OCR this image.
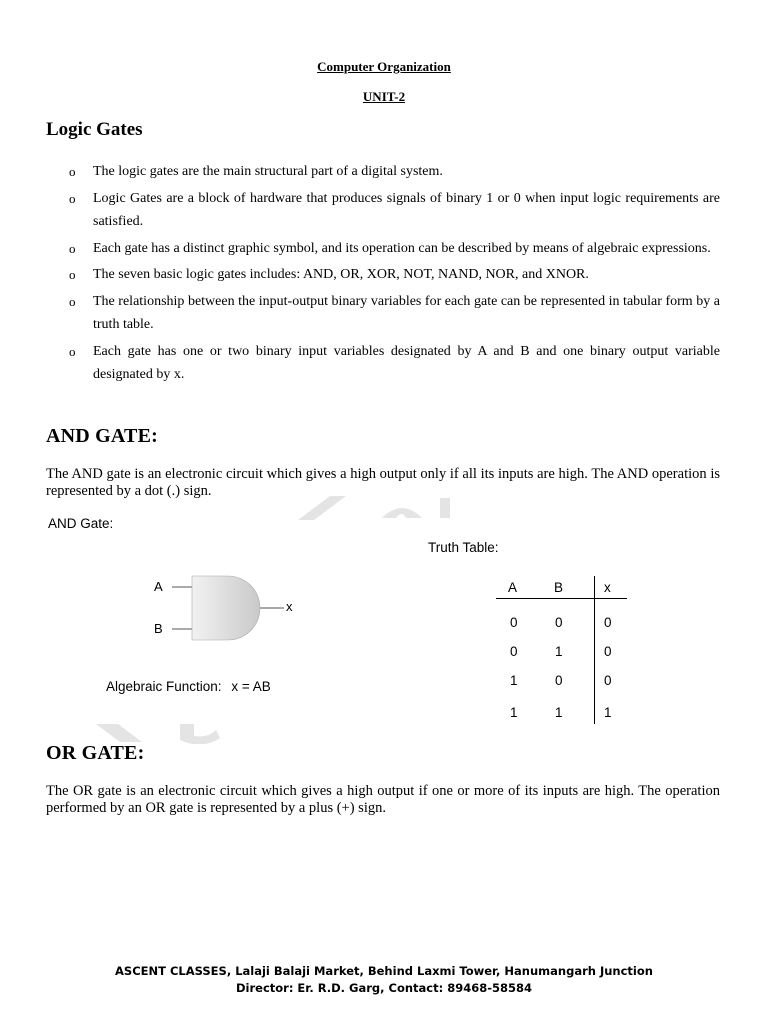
Computer Organization
UNIT-2
Logic Gates
o The logic gates are the main structural part of a digital system.
o Logic Gates are a block of hardware that produces signals of binary 1 or 0 when input logic requirements are satisfied.
o Each gate has a distinct graphic symbol, and its operation can be described by means of algebraic expressions.
o The seven basic logic gates includes: AND, OR, XOR, NOT, NAND, NOR, and XNOR.
o The relationship between the input-output binary variables for each gate can be represented in tabular form by a truth table.
o Each gate has one or two binary input variables designated by A and B and one binary output variable designated by x.
AND GATE:

The AND gate is an electronic circuit which gives a high output only if all its inputs are high. The AND operation is represented by a dot (.) sign.

AND Gate:
A
B
x
Algebraic Function: x = AB
Truth Table:
A	B	x
0	0	0
0	1	0
1	0	0
1	1	1
OR GATE:

The OR gate is an electronic circuit which gives a high output if one or more of its inputs are high. The operation performed by an OR gate is represented by a plus (+) sign.

ASCENT CLASSES, Lalaji Balaji Market, Behind Laxmi Tower, Hanumangarh Junction
Director: Er. R.D. Garg, Contact: 89468-58584
